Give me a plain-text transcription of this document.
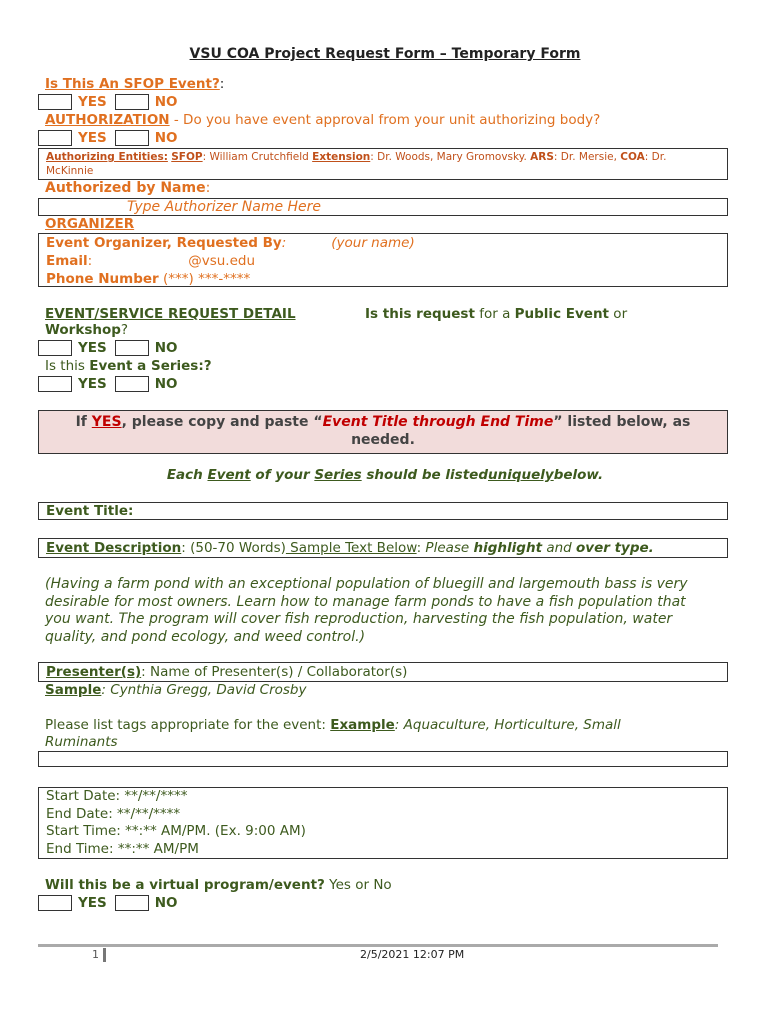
VSU COA Project Request Form – Temporary Form
Is This An SFOP Event?:
YES	NO
AUTHORIZATION - Do you have event approval from your unit authorizing body?
YES	NO
Authorizing Entities: SFOP: William Crutchfield Extension: Dr. Woods, Mary Gromovsky. ARS: Dr. Mersie, COA: Dr.
McKinnie
Authorized by Name:
Type Authorizer Name Here
ORGANIZER
Event Organizer, Requested By:	(your name)
Email:	@vsu.edu
Phone Number (***) ***-****
EVENT/SERVICE REQUEST DETAIL	Is this request for a Public Event or
Workshop?
YES	NO
Is this Event a Series:?
YES	NO
If YES, please copy and paste “Event Title through End Time” listed below, as
needed.
Each Event of your Series should be listeduniquelybelow.
Event Title:
Event Description: (50-70 Words) Sample Text Below: Please highlight and over type.
(Having a farm pond with an exceptional population of bluegill and largemouth bass is very
desirable for most owners. Learn how to manage farm ponds to have a fish population that
you want. The program will cover fish reproduction, harvesting the fish population, water
quality, and pond ecology, and weed control.)
Presenter(s): Name of Presenter(s) / Collaborator(s)
Sample: Cynthia Gregg, David Crosby
Please list tags appropriate for the event: Example: Aquaculture, Horticulture, Small
Ruminants
Start Date: **/**/****
End Date: **/**/****
Start Time: **:** AM/PM. (Ex. 9:00 AM)
End Time: **:** AM/PM
Will this be a virtual program/event? Yes or No
YES	NO
1	2/5/2021 12:07 PM
